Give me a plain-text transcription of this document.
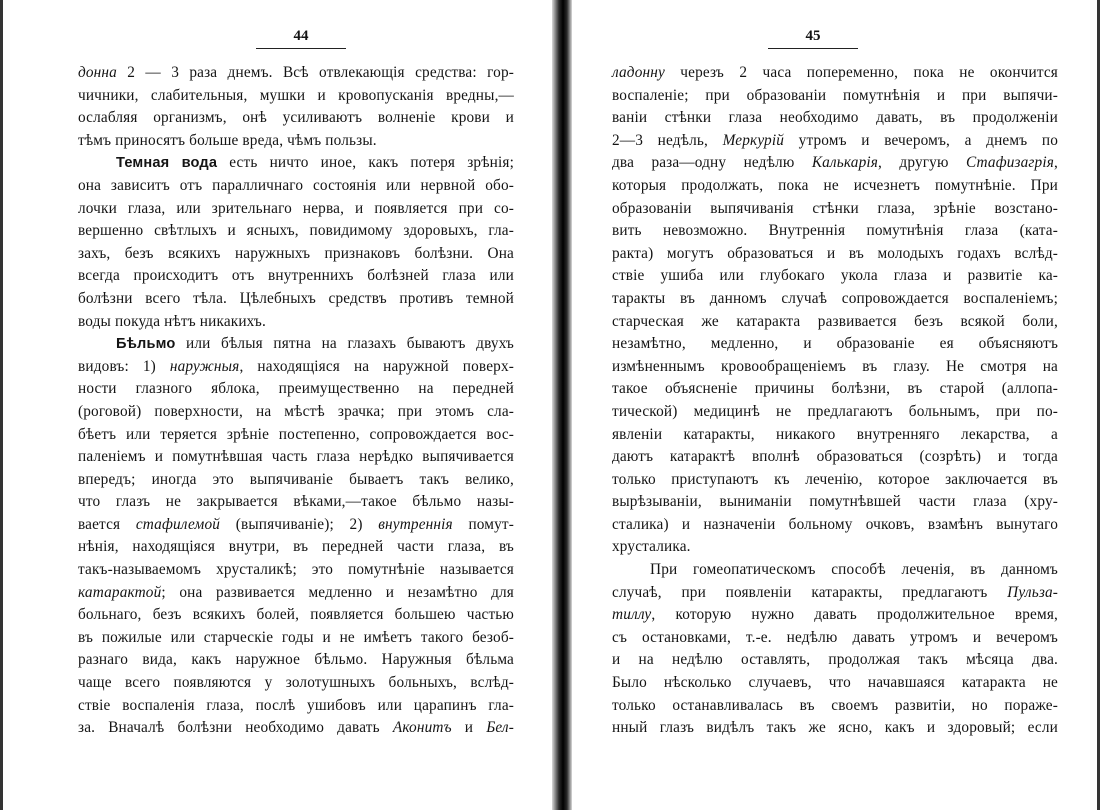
44
донна 2 — 3 раза днемъ. Всѣ отвлекающія средства: гор-
чичники, слабительныя, мушки и кровопусканія вредны,—
ослабляя организмъ, онѣ усиливаютъ волненіе крови и
тѣмъ приносятъ больше вреда, чѣмъ пользы.
Темная вода есть ничто иное, какъ потеря зрѣнія;
она зависитъ отъ паралличнаго состоянія или нервной обо-
лочки глаза, или зрительнаго нерва, и появляется при со-
вершенно свѣтлыхъ и ясныхъ, повидимому здоровыхъ, гла-
захъ, безъ всякихъ наружныхъ признаковъ болѣзни. Она
всегда происходитъ отъ внутреннихъ болѣзней глаза или
болѣзни всего тѣла. Цѣлебныхъ средствъ противъ темной
воды покуда нѣтъ никакихъ.
Бѣльмо или бѣлыя пятна на глазахъ бываютъ двухъ
видовъ: 1) наружныя, находящіяся на наружной поверх-
ности глазного яблока, преимущественно на передней
(роговой) поверхности, на мѣстѣ зрачка; при этомъ сла-
бѣетъ или теряется зрѣніе постепенно, сопровождается вос-
паленіемъ и помутнѣвшая часть глаза нерѣдко выпячивается
впередъ; иногда это выпячиваніе бываетъ такъ велико,
что глазъ не закрывается вѣками,—такое бѣльмо назы-
вается стафилемой (выпячиваніе); 2) внутреннія помут-
нѣнія, находящіяся внутри, въ передней части глаза, въ
такъ-называемомъ хрусталикѣ; это помутнѣніе называется
катарактой; она развивается медленно и незамѣтно для
больнаго, безъ всякихъ болей, появляется большею частью
въ пожилые или старческіе годы и не имѣетъ такого безоб-
разнаго вида, какъ наружное бѣльмо. Наружныя бѣльма
чаще всего появляются у золотушныхъ больныхъ, вслѣд-
ствіе воспаленія глаза, послѣ ушибовъ или царапинъ гла-
за. Вначалѣ болѣзни необходимо давать Аконитъ и Бел-
45
ладонну черезъ 2 часа попеременно, пока не окончится
воспаленіе; при образованіи помутнѣнія и при выпячи-
ваніи стѣнки глаза необходимо давать, въ продолженіи
2—3 недѣль, Меркурій утромъ и вечеромъ, а днемъ по
два раза—одну недѣлю Калькарія, другую Стафизагрія,
которыя продолжать, пока не исчезнетъ помутнѣніе. При
образованіи выпячиванія стѣнки глаза, зрѣніе возстано-
вить невозможно. Внутреннія помутнѣнія глаза (ката-
ракта) могутъ образоваться и въ молодыхъ годахъ вслѣд-
ствіе ушиба или глубокаго укола глаза и развитіе ка-
таракты въ данномъ случаѣ сопровождается воспаленіемъ;
старческая же катаракта развивается безъ всякой боли,
незамѣтно, медленно, и образованіе ея объясняютъ
измѣненнымъ кровообращеніемъ въ глазу. Не смотря на
такое объясненіе причины болѣзни, въ старой (аллопа-
тической) медицинѣ не предлагаютъ больнымъ, при по-
явленіи катаракты, никакого внутренняго лекарства, а
даютъ катарактѣ вполнѣ образоваться (созрѣть) и тогда
только приступаютъ къ леченію, которое заключается въ
вырѣзываніи, выниманіи помутнѣвшей части глаза (хру-
сталика) и назначеніи больному очковъ, взамѣнъ вынутаго
хрусталика.
При гомеопатическомъ способѣ леченія, въ данномъ
случаѣ, при появленіи катаракты, предлагаютъ Пульза-
тиллу, которую нужно давать продолжительное время,
съ остановками, т.-е. недѣлю давать утромъ и вечеромъ
и на недѣлю оставлять, продолжая такъ мѣсяца два.
Было нѣсколько случаевъ, что начавшаяся катаракта не
только останавливалась въ своемъ развитіи, но пораже-
нный глазъ видѣлъ такъ же ясно, какъ и здоровый; если
